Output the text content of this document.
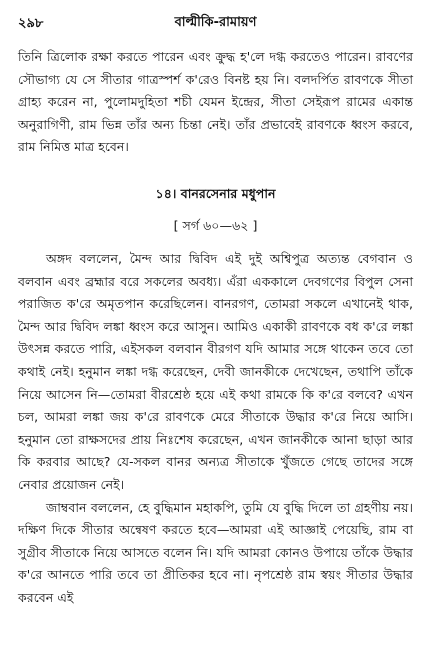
২৯৮	বাল্মীকি-রামায়ণ

তিনি ত্রিলোক রক্ষা করতে পারেন এবং ক্রুদ্ধ হ'লে দগ্ধ করতেও পারেন। রাবণের সৌভাগ্য যে সে সীতার গাত্রস্পর্শ ক'রেও বিনষ্ট হয় নি। বলদর্পিত রাবণকে সীতা গ্রাহ্য করেন না, পুলোমদুহিতা শচী যেমন ইন্দ্রের, সীতা সেইরূপ রামের একান্ত অনুরাগিণী, রাম ভিন্ন তাঁর অন্য চিন্তা নেই। তাঁর প্রভাবেই রাবণকে ধ্বংস করবে, রাম নিমিত্ত মাত্র হবেন।

১৪। বানরসেনার মধুপান
[ সর্গ ৬০—৬২ ]

অঙ্গদ বললেন, মৈন্দ আর দ্বিবিদ এই দুই অশ্বিপুত্র অত্যন্ত বেগবান ও বলবান এবং ব্রহ্মার বরে সকলের অবধ্য। এঁরা এককালে দেবগণের বিপুল সেনা পরাজিত ক'রে অমৃতপান করেছিলেন। বানরগণ, তোমরা সকলে এখানেই থাক, মৈন্দ আর দ্বিবিদ লঙ্কা ধ্বংস করে আসুন। আমিও একাকী রাবণকে বধ ক'রে লঙ্কা উৎসন্ন করতে পারি, এইসকল বলবান বীরগণ যদি আমার সঙ্গে থাকেন তবে তো কথাই নেই। হনুমান লঙ্কা দগ্ধ করেছেন, দেবী জানকীকে দেখেছেন, তথাপি তাঁকে নিয়ে আসেন নি—তোমরা বীরশ্রেষ্ঠ হয়ে এই কথা রামকে কি ক'রে বলবে? এখন চল, আমরা লঙ্কা জয় ক'রে রাবণকে মেরে সীতাকে উদ্ধার ক'রে নিয়ে আসি। হনুমান তো রাক্ষসদের প্রায় নিঃশেষ করেছেন, এখন জানকীকে আনা ছাড়া আর কি করবার আছে? যে-সকল বানর অন্যত্র সীতাকে খুঁজতে গেছে তাদের সঙ্গে নেবার প্রয়োজন নেই।

জাম্ববান বললেন, হে বুদ্ধিমান মহাকপি, তুমি যে বুদ্ধি দিলে তা গ্রহণীয় নয়। দক্ষিণ দিকে সীতার অন্বেষণ করতে হবে—আমরা এই আজ্ঞাই পেয়েছি, রাম বা সুগ্রীব সীতাকে নিয়ে আসতে বলেন নি। যদি আমরা কোনও উপায়ে তাঁকে উদ্ধার ক'রে আনতে পারি তবে তা প্রীতিকর হবে না। নৃপশ্রেষ্ঠ রাম স্বয়ং সীতার উদ্ধার করবেন এই
